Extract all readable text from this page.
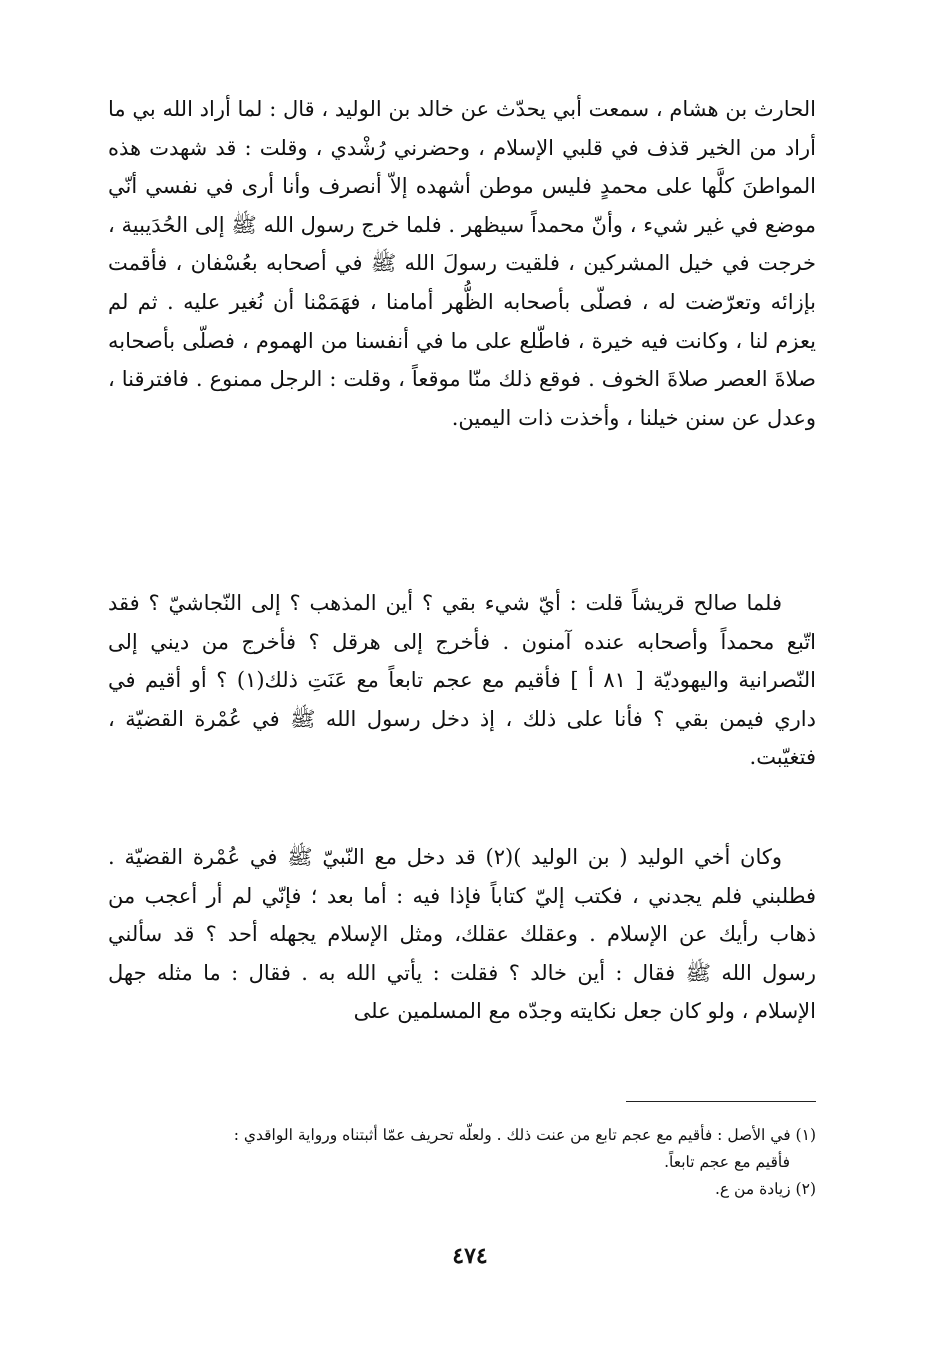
الحارث بن هشام ، سمعت أبي يحدّث عن خالد بن الوليد ، قال : لما أراد الله بي ما أراد من الخير قذف في قلبي الإسلام ، وحضرني رُشْدي ، وقلت : قد شهدت هذه المواطنَ كلَّها على محمدٍ فليس موطن أشهده إلاّ أنصرف وأنا أرى في نفسي أنّي موضع في غير شيء ، وأنّ محمداً سيظهر . فلما خرج رسول الله ﷺ إلى الحُدَيبية ، خرجت في خيل المشركين ، فلقيت رسولَ الله ﷺ في أصحابه بعُسْفان ، فأقمت بإزائه وتعرّضت له ، فصلّى بأصحابه الظُّهر أمامنا ، فهَمَمْنا أن نُغير عليه . ثم لم يعزم لنا ، وكانت فيه خيرة ، فاطّلع على ما في أنفسنا من الهموم ، فصلّى بأصحابه صلاةَ العصر صلاةَ الخوف . فوقع ذلك منّا موقعاً ، وقلت : الرجل ممنوع . فافترقنا ، وعدل عن سنن خيلنا ، وأخذت ذات اليمين.

فلما صالح قريشاً قلت : أيّ شيء بقي ؟ أين المذهب ؟ إلى النّجاشيّ ؟ فقد اتّبع محمداً وأصحابه عنده آمنون . فأخرج إلى هرقل ؟ فأخرج من ديني إلى النّصرانية واليهوديّة [ ٨١ أ ] فأقيم مع عجم تابعاً مع عَنَتِ ذلك(١) ؟ أو أقيم في داري فيمن بقي ؟ فأنا على ذلك ، إذ دخل رسول الله ﷺ في عُمْرة القضيّة ، فتغيّبت.

وكان أخي الوليد ( بن الوليد )(٢) قد دخل مع النّبيّ ﷺ في عُمْرة القضيّة . فطلبني فلم يجدني ، فكتب إليّ كتاباً فإذا فيه : أما بعد ؛ فإنّي لم أر أعجب من ذهاب رأيك عن الإسلام . وعقلك عقلك، ومثل الإسلام يجهله أحد ؟ قد سألني رسول الله ﷺ فقال : أين خالد ؟ فقلت : يأتي الله به . فقال : ما مثله جهل الإسلام ، ولو كان جعل نكايته وجدّه مع المسلمين على

(١) في الأصل : فأقيم مع عجم تابع من عنت ذلك . ولعلّه تحريف عمّا أثبتناه ورواية الواقدي :

فأقيم مع عجم تابعاً.

(٢) زيادة من ع.

٤٧٤
